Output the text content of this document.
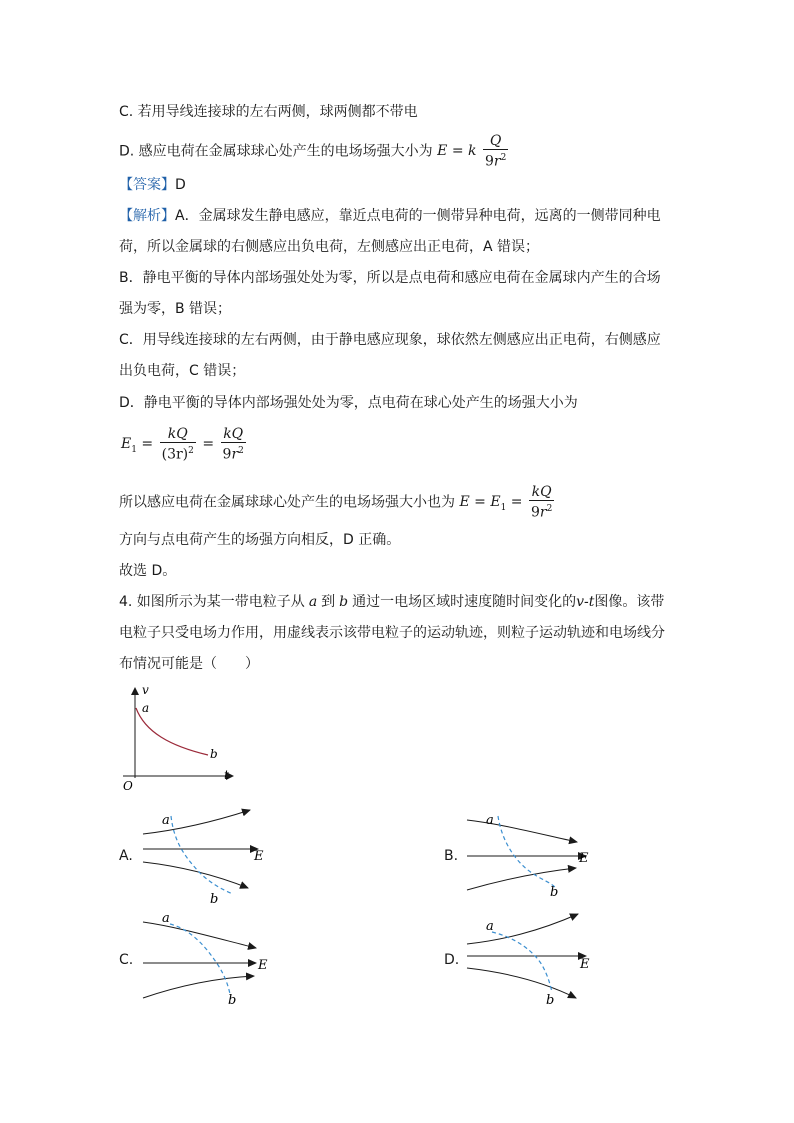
C. 若用导线连接球的左右两侧，球两侧都不带电
D. 感应电荷在金属球球心处产生的电场场强大小为 E = k $\frac{Q}{9r^2}$
【答案】D
【解析】A．金属球发生静电感应，靠近点电荷的一侧带异种电荷，远离的一侧带同种电
荷，所以金属球的右侧感应出负电荷，左侧感应出正电荷，A 错误；
B．静电平衡的导体内部场强处处为零，所以是点电荷和感应电荷在金属球内产生的合场
强为零，B 错误；
C．用导线连接球的左右两侧，由于静电感应现象，球依然左侧感应出正电荷，右侧感应
出负电荷，C 错误；
D．静电平衡的导体内部场强处处为零，点电荷在球心处产生的场强大小为
$E_1 = \frac{kQ}{(3r)^2} = \frac{kQ}{9r^2}$
所以感应电荷在金属球球心处产生的电场场强大小也为 $E = E_1 = \frac{kQ}{9r^2}$
方向与点电荷产生的场强方向相反，D 正确。
故选 D。
4. 如图所示为某一带电粒子从 a 到 b 通过一电场区域时速度随时间变化的v-t图像。该带
电粒子只受电场力作用，用虚线表示该带电粒子的运动轨迹，则粒子运动轨迹和电场线分
布情况可能是（　　）
v
t
O
a
b
A.
a
E
b
B.
a
E
b
C.
a
E
b
D.
a
E
b
